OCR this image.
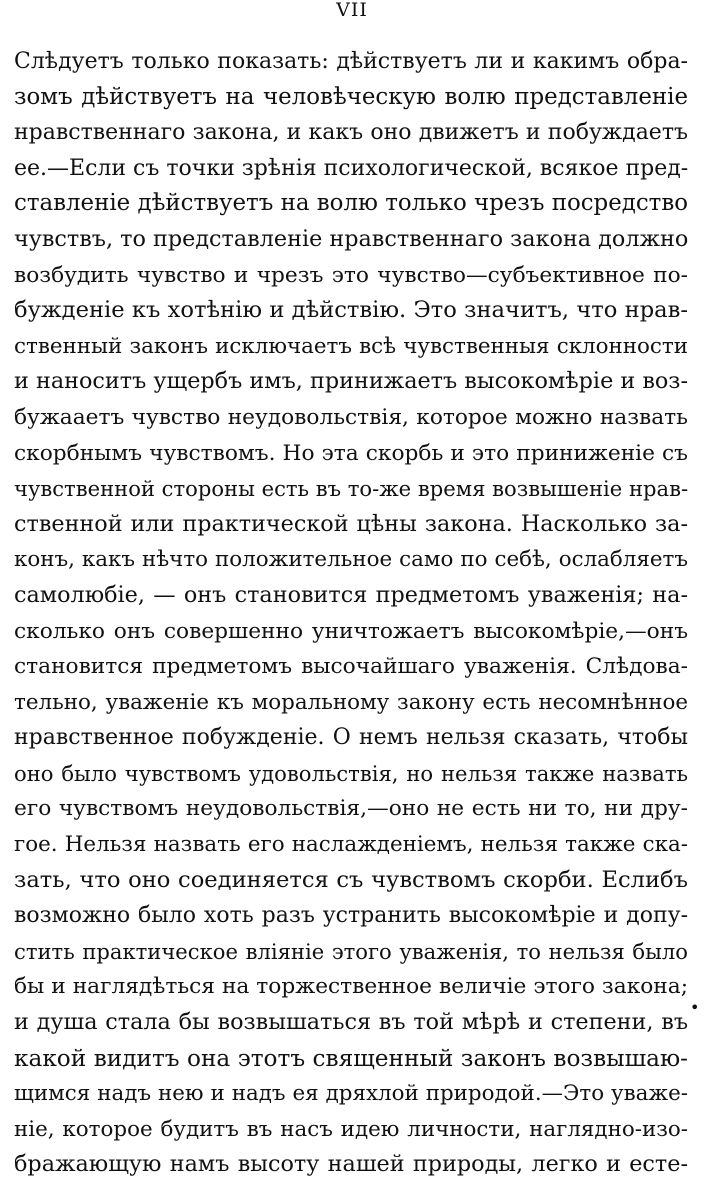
VII
Слѣдуетъ только показать: дѣйствуетъ ли и какимъ обра-
зомъ дѣйствуетъ на человѣческую волю представленіе
нравственнаго закона, и какъ оно движетъ и побуждаетъ
ее.—Если съ точки зрѣнія психологической, всякое пред-
ставленіе дѣйствуетъ на волю только чрезъ посредство
чувствъ, то представленіе нравственнаго закона должно
возбудить чувство и чрезъ это чувство—субъективное по-
бужденіе къ хотѣнію и дѣйствію. Это значитъ, что нрав-
ственный законъ исключаетъ всѣ чувственныя склонности
и наноситъ ущербъ имъ, принижаетъ высокомѣріе и воз-
бужааетъ чувство неудовольствія, которое можно назвать
скорбнымъ чувствомъ. Но эта скорбь и это приниженіе съ
чувственной стороны есть въ то-же время возвышеніе нрав-
ственной или практической цѣны закона. Насколько за-
конъ, какъ нѣчто положительное само по себѣ, ослабляетъ
самолюбіе, — онъ становится предметомъ уваженія; на-
сколько онъ совершенно уничтожаетъ высокомѣріе,—онъ
становится предметомъ высочайшаго уваженія. Слѣдова-
тельно, уваженіе къ моральному закону есть несомнѣнное
нравственное побужденіе. О немъ нельзя сказать, чтобы
оно было чувствомъ удовольствія, но нельзя также назвать
его чувствомъ неудовольствія,—оно не есть ни то, ни дру-
гое. Нельзя назвать его наслажденіемъ, нельзя также ска-
зать, что оно соединяется съ чувствомъ скорби. Еслибъ
возможно было хоть разъ устранить высокомѣріе и допу-
стить практическое вліяніе этого уваженія, то нельзя было
бы и наглядѣться на торжественное величіе этого закона;
и душа стала бы возвышаться въ той мѣрѣ и степени, въ
какой видитъ она этотъ священный законъ возвышаю-
щимся надъ нею и надъ ея дряхлой природой.—Это уваже-
ніе, которое будитъ въ насъ идею личности, наглядно-изо-
бражающую намъ высоту нашей природы, легко и есте-
•
